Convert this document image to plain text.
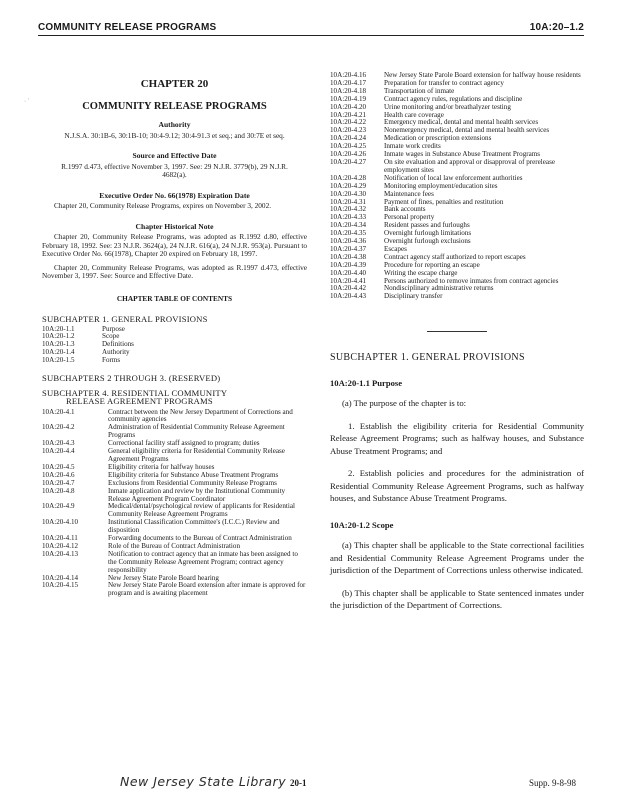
COMMUNITY RELEASE PROGRAMS	10A:20–1.2
· ´
CHAPTER 20
COMMUNITY RELEASE PROGRAMS
Authority
N.J.S.A. 30:1B-6, 30:1B-10; 30:4-9.12; 30:4-91.3 et seq.; and 30:7E et seq.
Source and Effective Date
R.1997 d.473, effective November 3, 1997. See: 29 N.J.R. 3779(b), 29 N.J.R. 4682(a).
Executive Order No. 66(1978) Expiration Date
Chapter 20, Community Release Programs, expires on November 3, 2002.
Chapter Historical Note
Chapter 20, Community Release Programs, was adopted as R.1992 d.80, effective February 18, 1992. See: 23 N.J.R. 3624(a), 24 N.J.R. 616(a), 24 N.J.R. 953(a). Pursuant to Executive Order No. 66(1978), Chapter 20 expired on February 18, 1997.
Chapter 20, Community Release Programs, was adopted as R.1997 d.473, effective November 3, 1997. See: Source and Effective Date.
CHAPTER TABLE OF CONTENTS
SUBCHAPTER 1. GENERAL PROVISIONS
10A:20-1.1	Purpose
10A:20-1.2	Scope
10A:20-1.3	Definitions
10A:20-1.4	Authority
10A:20-1.5	Forms
SUBCHAPTERS 2 THROUGH 3. (RESERVED)
SUBCHAPTER 4. RESIDENTIAL COMMUNITY
RELEASE AGREEMENT PROGRAMS
10A:20-4.1	Contract between the New Jersey Department of Corrections and community agencies
10A:20-4.2	Administration of Residential Community Release Agreement Programs
10A:20-4.3	Correctional facility staff assigned to program; duties
10A:20-4.4	General eligibility criteria for Residential Community Release Agreement Programs
10A:20-4.5	Eligibility criteria for halfway houses
10A:20-4.6	Eligibility criteria for Substance Abuse Treatment Programs
10A:20-4.7	Exclusions from Residential Community Release Programs
10A:20-4.8	Inmate application and review by the Institutional Community Release Agreement Program Coordinator
10A:20-4.9	Medical/dental/psychological review of applicants for Residential Community Release Agreement Programs
10A:20-4.10	Institutional Classification Committee's (I.C.C.) Review and disposition
10A:20-4.11	Forwarding documents to the Bureau of Contract Administration
10A:20-4.12	Role of the Bureau of Contract Administration
10A:20-4.13	Notification to contract agency that an inmate has been assigned to the Community Release Agreement Program; contract agency responsibility
10A:20-4.14	New Jersey State Parole Board hearing
10A:20-4.15	New Jersey State Parole Board extension after inmate is approved for program and is awaiting placement
10A:20-4.16	New Jersey State Parole Board extension for halfway house residents
10A:20-4.17	Preparation for transfer to contract agency
10A:20-4.18	Transportation of inmate
10A:20-4.19	Contract agency rules, regulations and discipline
10A:20-4.20	Urine monitoring and/or breathalyzer testing
10A:20-4.21	Health care coverage
10A:20-4.22	Emergency medical, dental and mental health services
10A:20-4.23	Nonemergency medical, dental and mental health services
10A:20-4.24	Medication or prescription extensions
10A:20-4.25	Inmate work credits
10A:20-4.26	Inmate wages in Substance Abuse Treatment Programs
10A:20-4.27	On site evaluation and approval or disapproval of prerelease employment sites
10A:20-4.28	Notification of local law enforcement authorities
10A:20-4.29	Monitoring employment/education sites
10A:20-4.30	Maintenance fees
10A:20-4.31	Payment of fines, penalties and restitution
10A:20-4.32	Bank accounts
10A:20-4.33	Personal property
10A:20-4.34	Resident passes and furloughs
10A:20-4.35	Overnight furlough limitations
10A:20-4.36	Overnight furlough exclusions
10A:20-4.37	Escapes
10A:20-4.38	Contract agency staff authorized to report escapes
10A:20-4.39	Procedure for reporting an escape
10A:20-4.40	Writing the escape charge
10A:20-4.41	Persons authorized to remove inmates from contract agencies
10A:20-4.42	Nondisciplinary administrative returns
10A:20-4.43	Disciplinary transfer
SUBCHAPTER 1. GENERAL PROVISIONS
10A:20-1.1 Purpose
(a) The purpose of the chapter is to:
1. Establish the eligibility criteria for Residential Community Release Agreement Programs; such as halfway houses, and Substance Abuse Treatment Programs; and
2. Establish policies and procedures for the administration of Residential Community Release Agreement Programs, such as halfway houses, and Substance Abuse Treatment Programs.
10A:20-1.2 Scope
(a) This chapter shall be applicable to the State correctional facilities and Residential Community Release Agreement Programs under the jurisdiction of the Department of Corrections unless otherwise indicated.
(b) This chapter shall be applicable to State sentenced inmates under the jurisdiction of the Department of Corrections.
New Jersey State Library 20-1	Supp. 9-8-98
